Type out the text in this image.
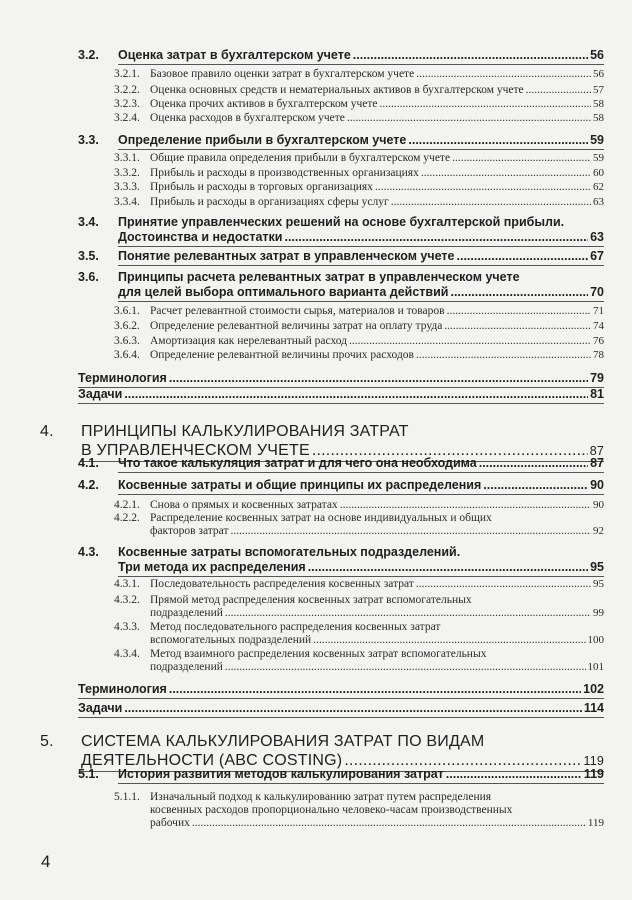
3.2.	Оценка затрат в бухгалтерском учете .....	56
3.2.1. Базовое правило оценки затрат в бухгалтерском учете .....	56
3.2.2. Оценка основных средств и нематериальных активов в бухгалтерском учете .....	57
3.2.3. Оценка прочих активов в бухгалтерском учете .....	58
3.2.4. Оценка расходов в бухгалтерском учете .....	58
3.3.	Определение прибыли в бухгалтерском учете .....	59
3.3.1. Общие правила определения прибыли в бухгалтерском учете .....	59
3.3.2. Прибыль и расходы в производственных организациях .....	60
3.3.3. Прибыль и расходы в торговых организациях .....	62
3.3.4. Прибыль и расходы в организациях сферы услуг .....	63
3.4.	Принятие управленческих решений на основе бухгалтерской прибыли.
Достоинства и недостатки .....	63
3.5.	Понятие релевантных затрат в управленческом учете .....	67
3.6.	Принципы расчета релевантных затрат в управленческом учете
для целей выбора оптимального варианта действий .....	70
3.6.1. Расчет релевантной стоимости сырья, материалов и товаров .....	71
3.6.2. Определение релевантной величины затрат на оплату труда .....	74
3.6.3. Амортизация как нерелевантный расход .....	76
3.6.4. Определение релевантной величины прочих расходов .....	78
Терминология .....	79
Задачи .....	81
4.	ПРИНЦИПЫ КАЛЬКУЛИРОВАНИЯ ЗАТРАТ
В УПРАВЛЕНЧЕСКОМ УЧЕТЕ .....	87
4.1.	Что такое калькуляция затрат и для чего она необходима .....	87
4.2.	Косвенные затраты и общие принципы их распределения .....	90
4.2.1. Снова о прямых и косвенных затратах .....	90
4.2.2. Распределение косвенных затрат на основе индивидуальных и общих
факторов затрат .....	92
4.3.	Косвенные затраты вспомогательных подразделений.
Три метода их распределения .....	95
4.3.1. Последовательность распределения косвенных затрат .....	95
4.3.2. Прямой метод распределения косвенных затрат вспомогательных
подразделений .....	99
4.3.3. Метод последовательного распределения косвенных затрат
вспомогательных подразделений .....	100
4.3.4. Метод взаимного распределения косвенных затрат вспомогательных
подразделений .....	101
Терминология .....	102
Задачи .....	114
5.	СИСТЕМА КАЛЬКУЛИРОВАНИЯ ЗАТРАТ ПО ВИДАМ
ДЕЯТЕЛЬНОСТИ (ABC COSTING) .....	119
5.1.	История развития методов калькулирования затрат .....	119
5.1.1. Изначальный подход к калькулированию затрат путем распределения
косвенных расходов пропорционально человеко-часам производственных
рабочих .....	119
4
